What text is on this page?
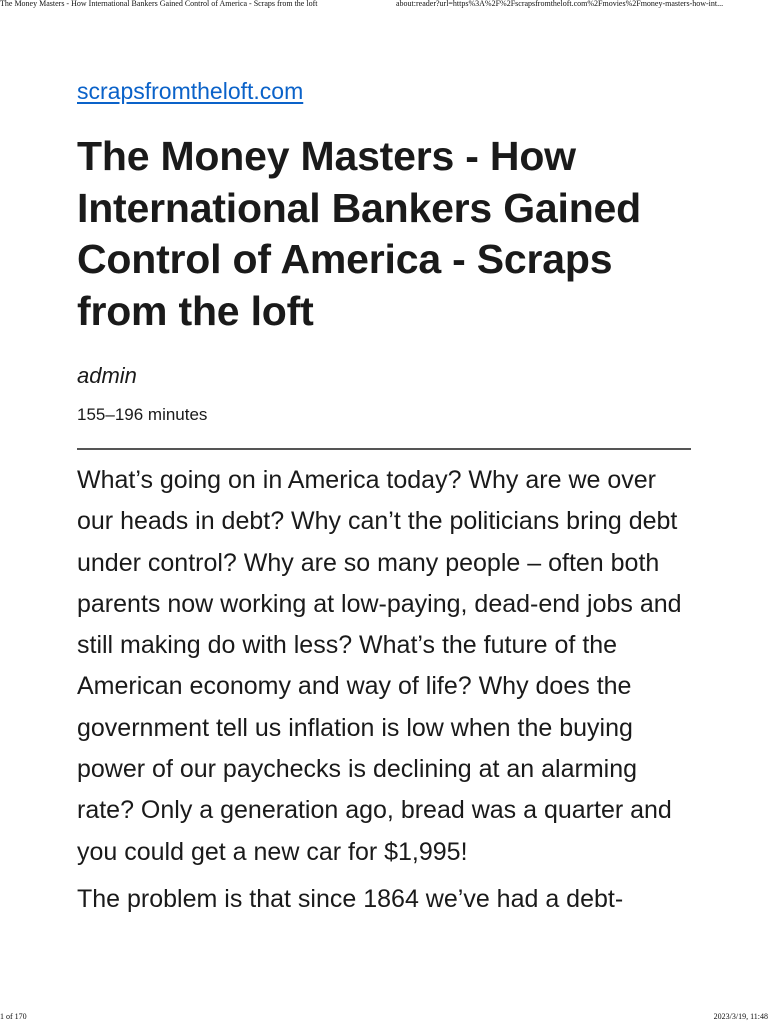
The Money Masters - How International Bankers Gained Control of America - Scraps from the loft	about:reader?url=https%3A%2F%2Fscrapsfromtheloft.com%2Fmovies%2Fmoney-masters-how-int...
scrapsfromtheloft.com
The Money Masters - How International Bankers Gained Control of America - Scraps from the loft
admin
155–196 minutes

What’s going on in America today? Why are we over our heads in debt? Why can’t the politicians bring debt under control? Why are so many people – often both parents now working at low-paying, dead-end jobs and still making do with less? What’s the future of the American economy and way of life? Why does the government tell us inflation is low when the buying power of our paychecks is declining at an alarming rate? Only a generation ago, bread was a quarter and you could get a new car for $1,995!

The problem is that since 1864 we’ve had a debt-

1 of 170	2023/3/19, 11:48
